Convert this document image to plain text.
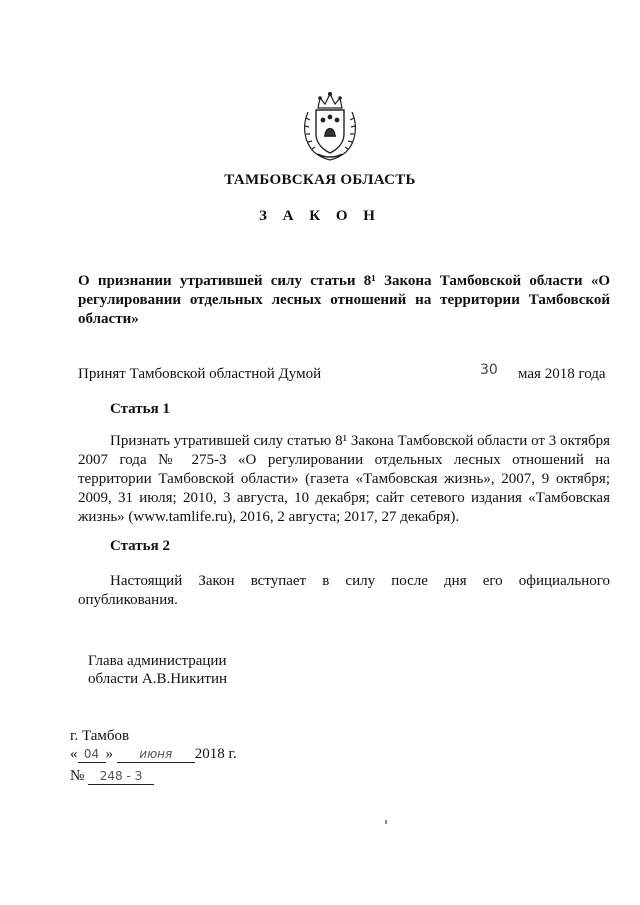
ТАМБОВСКАЯ ОБЛАСТЬ
З А К О Н
О признании утратившей силу статьи 8¹ Закона Тамбовской области «О регулировании отдельных лесных отношений на территории Тамбовской области»
Принят Тамбовской областной Думой	30 мая 2018 года
Статья 1
Признать утратившей силу статью 8¹ Закона Тамбовской области от 3 октября 2007 года № 275-З «О регулировании отдельных лесных отношений на территории Тамбовской области» (газета «Тамбовская жизнь», 2007, 9 октября; 2009, 31 июля; 2010, 3 августа, 10 декабря; сайт сетевого издания «Тамбовская жизнь» (www.tamlife.ru), 2016, 2 августа; 2017, 27 декабря).
Статья 2
Настоящий Закон вступает в силу после дня его официального опубликования.
Глава администрации
области А.В.Никитин
г. Тамбов
« 04 » июня 2018 г.
№ 248 - З
